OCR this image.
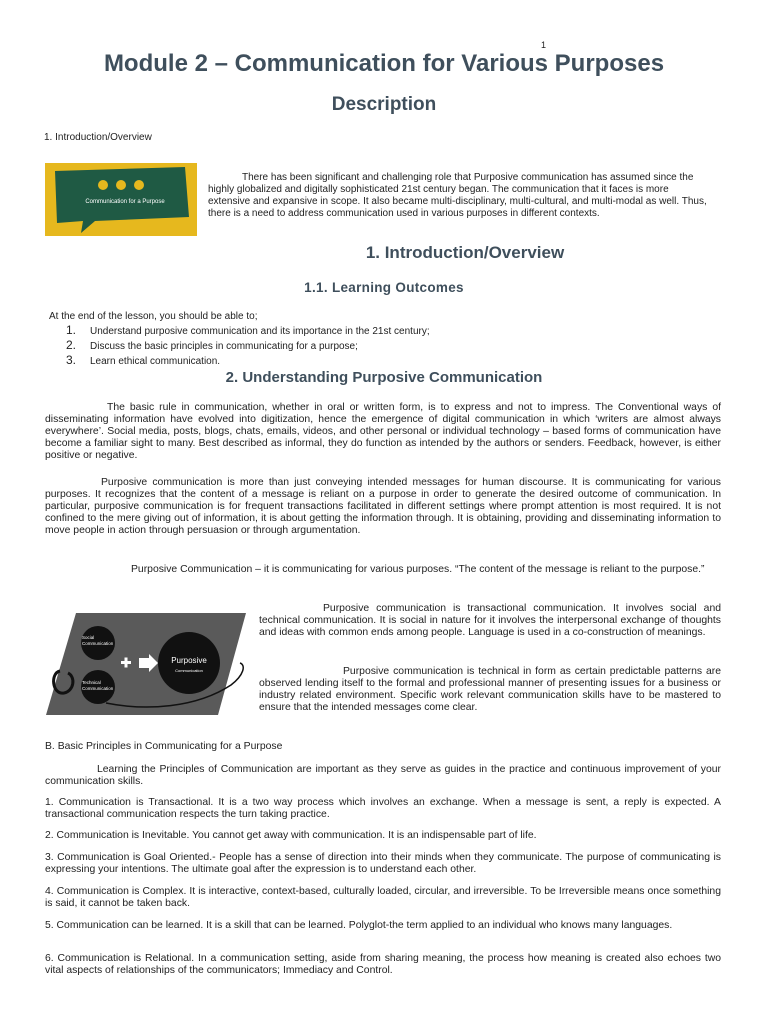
1
Module 2 – Communication for Various Purposes
Description
1. Introduction/Overview
Communication for a Purpose
There has been significant and challenging role that Purposive communication has assumed since the highly globalized and digitally sophisticated 21st century began. The communication that it faces is more extensive and expansive in scope. It also became multi-disciplinary, multi-cultural, and multi-modal as well. Thus, there is a need to address communication used in various purposes in different contexts.
1. Introduction/Overview
1.1. Learning Outcomes
At the end of the lesson, you should be able to;
1. Understand purposive communication and its importance in the 21st century;
2. Discuss the basic principles in communicating for a purpose;
3. Learn ethical communication.
2. Understanding Purposive Communication
The basic rule in communication, whether in oral or written form, is to express and not to impress. The Conventional ways of disseminating information have evolved into digitization, hence the emergence of digital communication in which ‘writers are almost always everywhere’. Social media, posts, blogs, chats, emails, videos, and other personal or individual technology – based forms of communication have become a familiar sight to many. Best described as informal, they do function as intended by the authors or senders. Feedback, however, is either positive or negative.
Purposive communication is more than just conveying intended messages for human discourse. It is communicating for various purposes. It recognizes that the content of a message is reliant on a purpose in order to generate the desired outcome of communication. In particular, purposive communication is for frequent transactions facilitated in different settings where prompt attention is most required. It is not confined to the mere giving out of information, it is about getting the information through. It is obtaining, providing and disseminating information to move people in action through persuasion or through argumentation.
Purposive Communication – it is communicating for various purposes. “The content of the message is reliant to the purpose.”
Social Communication
Technical Communication
Purposive
Communication
Purposive communication is transactional communication. It involves social and technical communication. It is social in nature for it involves the interpersonal exchange of thoughts and ideas with common ends among people. Language is used in a co-construction of meanings.
Purposive communication is technical in form as certain predictable patterns are observed lending itself to the formal and professional manner of presenting issues for a business or industry related environment. Specific work relevant communication skills have to be mastered to ensure that the intended messages come clear.
B. Basic Principles in Communicating for a Purpose
Learning the Principles of Communication are important as they serve as guides in the practice and continuous improvement of your communication skills.
1. Communication is Transactional. It is a two way process which involves an exchange. When a message is sent, a reply is expected. A transactional communication respects the turn taking practice.
2. Communication is Inevitable. You cannot get away with communication. It is an indispensable part of life.
3. Communication is Goal Oriented.- People has a sense of direction into their minds when they communicate. The purpose of communicating is expressing your intentions. The ultimate goal after the expression is to understand each other.
4. Communication is Complex. It is interactive, context-based, culturally loaded, circular, and irreversible. To be Irreversible means once something is said, it cannot be taken back.
5. Communication can be learned. It is a skill that can be learned. Polyglot-the term applied to an individual who knows many languages.
6. Communication is Relational. In a communication setting, aside from sharing meaning, the process how meaning is created also echoes two vital aspects of relationships of the communicators; Immediacy and Control.
